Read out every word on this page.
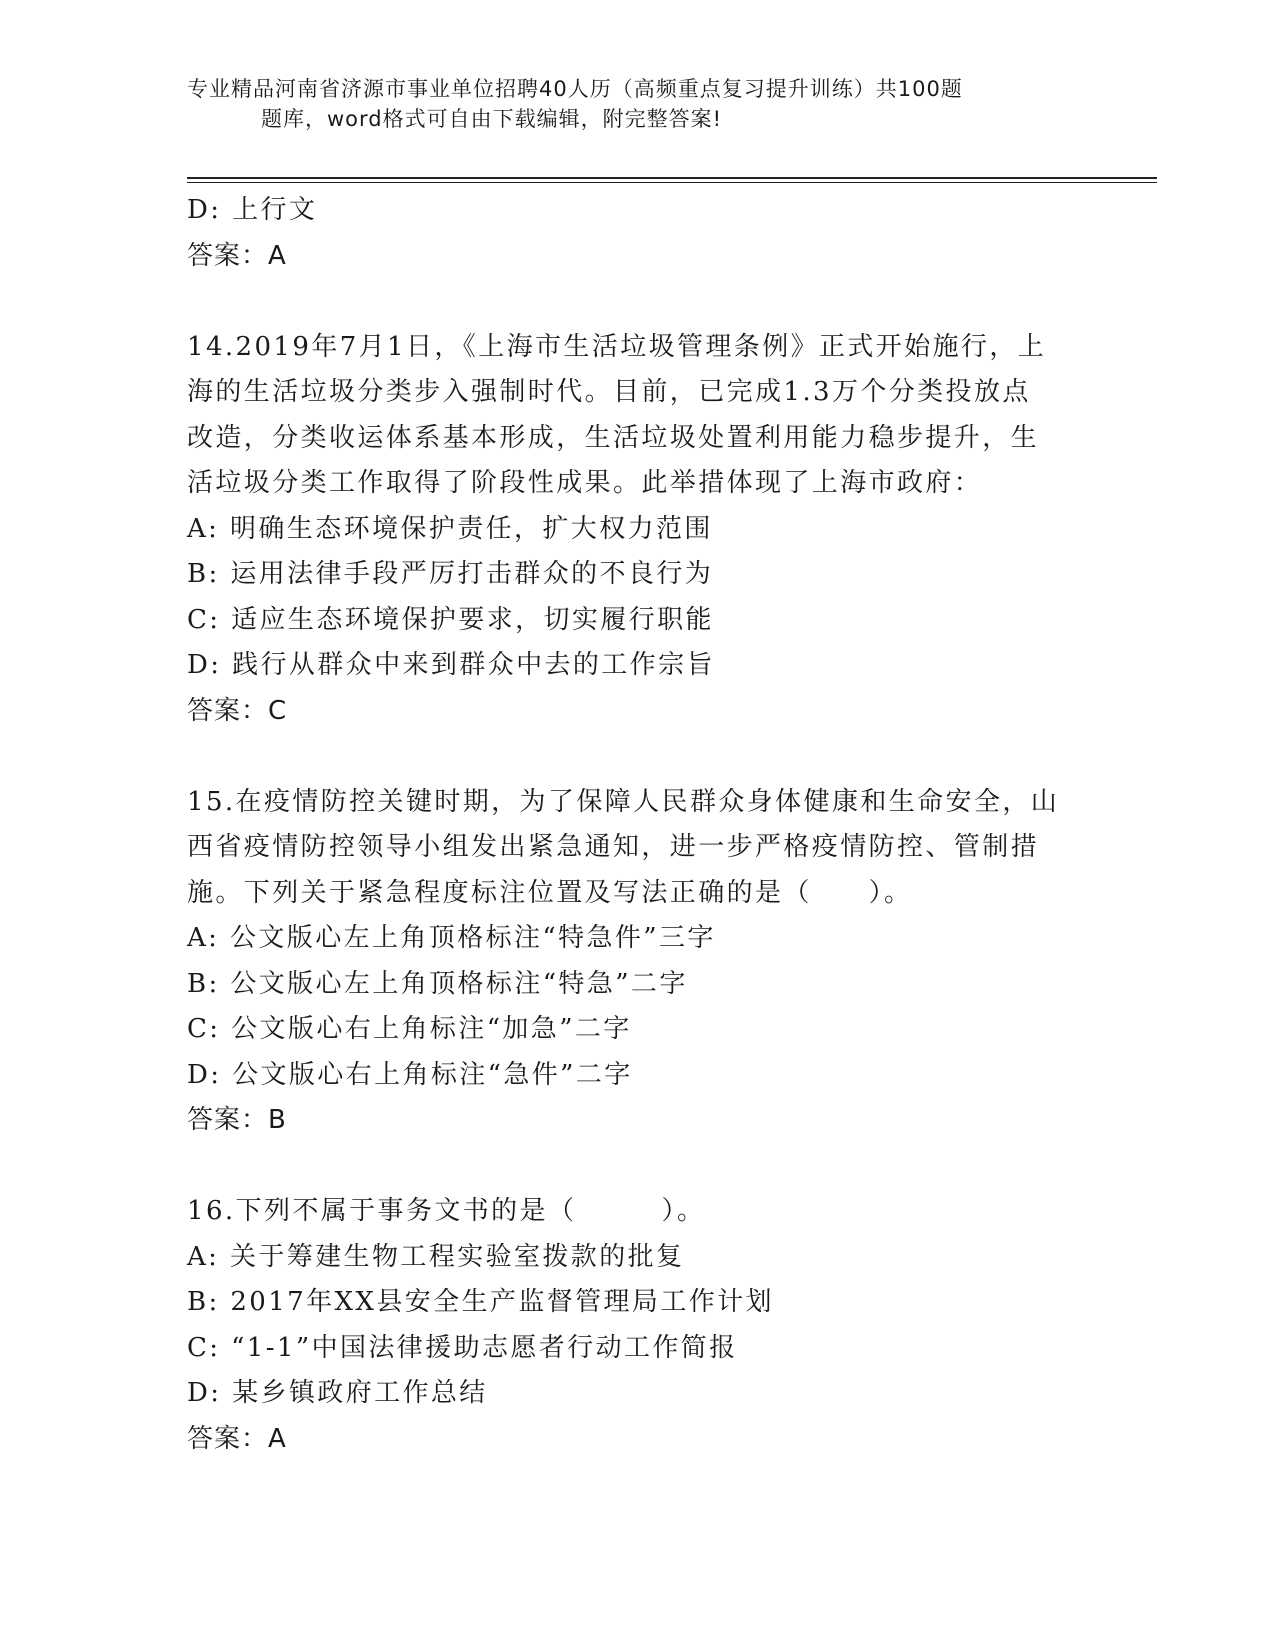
专业精品河南省济源市事业单位招聘40人历（高频重点复习提升训练）共100题
题库，word格式可自由下载编辑，附完整答案!
D: 上行文
答案：A
14.2019年7月1日，《上海市生活垃圾管理条例》正式开始施行，上
海的生活垃圾分类步入强制时代。目前，已完成1.3万个分类投放点
改造，分类收运体系基本形成，生活垃圾处置利用能力稳步提升，生
活垃圾分类工作取得了阶段性成果。此举措体现了上海市政府：
A: 明确生态环境保护责任，扩大权力范围
B: 运用法律手段严厉打击群众的不良行为
C: 适应生态环境保护要求，切实履行职能
D: 践行从群众中来到群众中去的工作宗旨
答案：C
15.在疫情防控关键时期，为了保障人民群众身体健康和生命安全，山
西省疫情防控领导小组发出紧急通知，进一步严格疫情防控、管制措
施。下列关于紧急程度标注位置及写法正确的是（　　）。
A: 公文版心左上角顶格标注“特急件”三字
B: 公文版心左上角顶格标注“特急”二字
C: 公文版心右上角标注“加急”二字
D: 公文版心右上角标注“急件”二字
答案：B
16.下列不属于事务文书的是（　　　）。
A: 关于筹建生物工程实验室拨款的批复
B: 2017年XX县安全生产监督管理局工作计划
C: “1-1”中国法律援助志愿者行动工作简报
D: 某乡镇政府工作总结
答案：A
